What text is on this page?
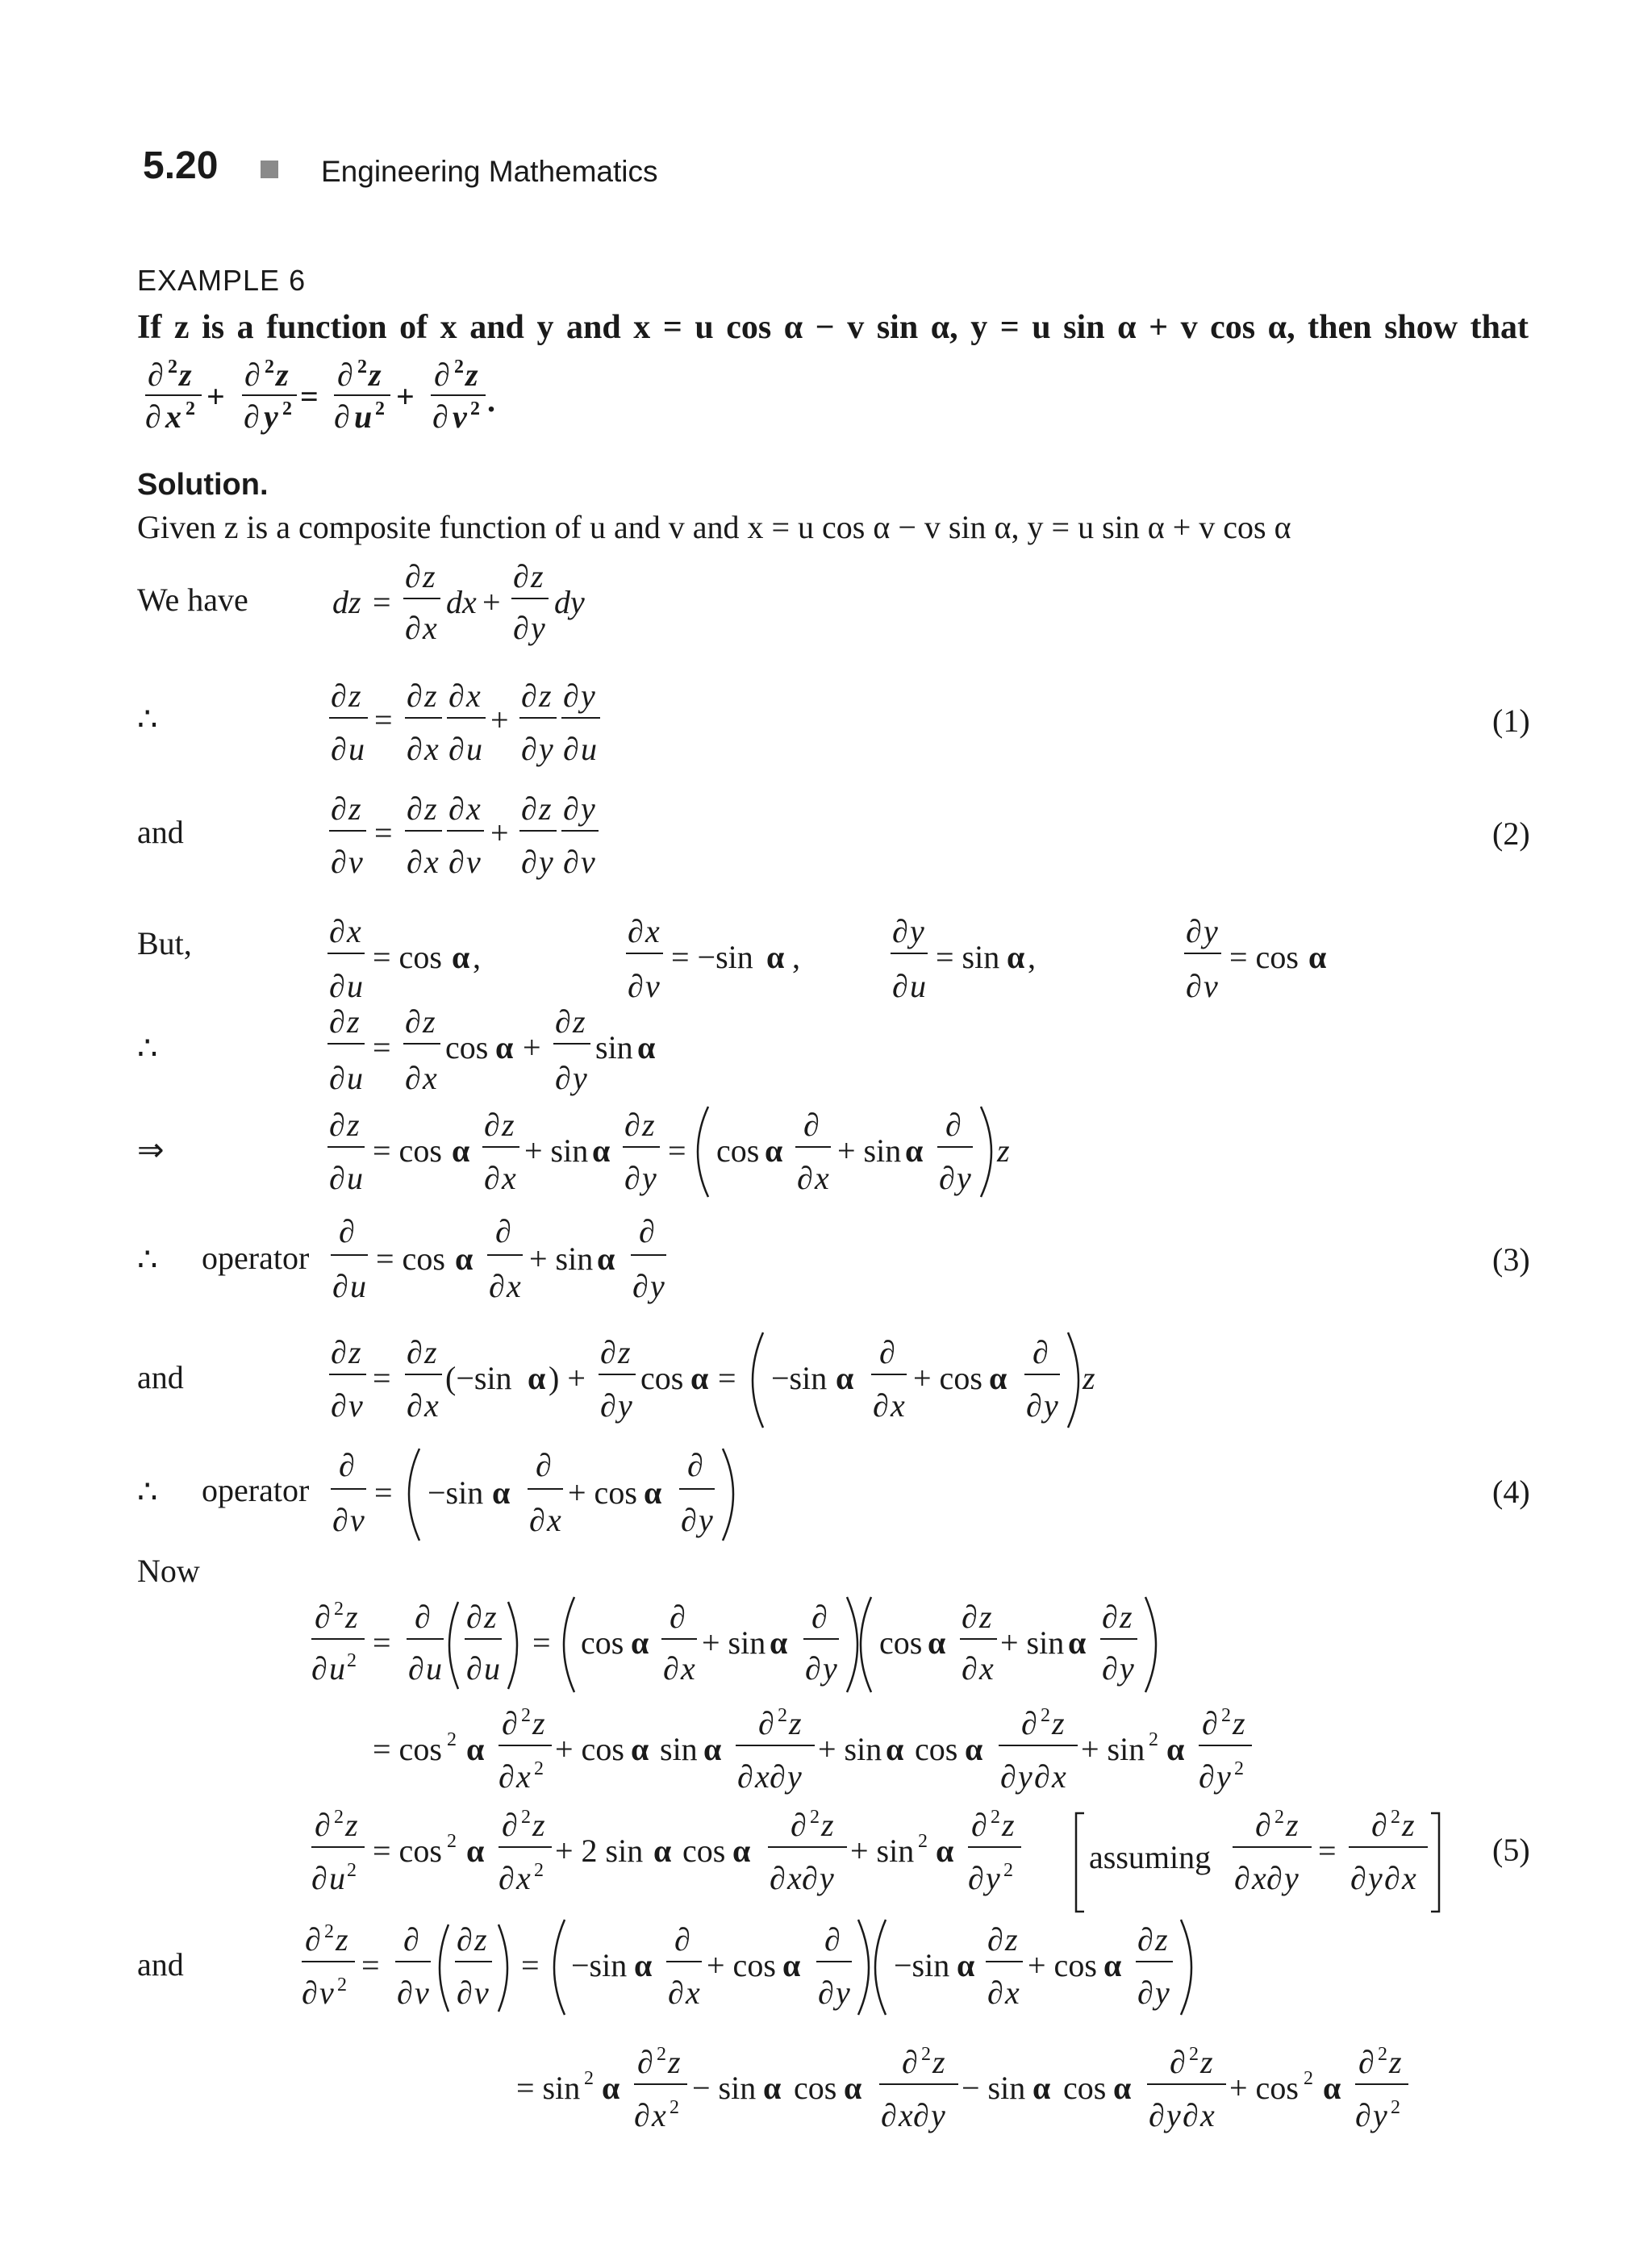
5.20	Engineering Mathematics
EXAMPLE 6
If z is a function of x and y and x = u cos α − v sin α, y = u sin α + v cos α, then show that
∂ 2 z
∂ x 2 +
∂ 2 z
∂ y 2 =
∂ 2 z
∂ u 2 +
∂ 2 z
∂ v 2 .
dz =
∂ z
∂ x
dx +
∂ z
∂ y
dy
∂ z
∂ u
=
∂ z
∂ x
∂ x
∂ u
+
∂ z
∂ y
∂ y
∂ u
∂ z
∂ v
=
∂ z
∂ x
∂ x
∂ v
+
∂ z
∂ y
∂ y
∂ v
∂ x
∂ u
= cos α ,
∂ x
∂ v
= −sin α ,
∂ y
∂ u
= sin α ,
∂ y
∂ v
= cos α
∂ z
∂ u
=
∂ z
∂ x
cos α +
∂ z
∂ y
sin α
∂ z
∂ u
= cos α
∂ z
∂ x
+ sin α
∂ z
∂ y
= cos α
∂
∂ x
+ sin α
∂
∂ y
z
∂
∂ u
= cos α
∂
∂ x
+ sin α
∂
∂ y
∂ z
∂ v
=
∂ z
∂ x
(−sin α ) +
∂ z
∂ y
cos α = −sin α
∂
∂ x
+ cos α
∂
∂ y
z
∂
∂ v
= −sin α
∂
∂ x
+ cos α
∂
∂ y
∂ 2 z
∂ u 2 =
∂
∂ u
∂ z
∂ u
= cos α
∂
∂ x
+ sin α
∂
∂ y
cos α
∂ z
∂ x
+ sin α
∂ z
∂ y
= cos 2 α
∂ 2 z
∂ x 2
+ cos α sin α
∂ 2 z
∂ x ∂ y
+ sin α cos α
∂ 2 z
∂ y ∂ x
+ sin 2 α
∂ 2 z
∂ y 2
∂ 2 z
∂ u 2
= cos 2 α
∂ 2 z
∂ x 2
+ 2 sin α cos α
∂ 2 z
∂ x ∂ y
+ sin 2 α
∂ 2 z
∂ y 2 assuming
∂ 2 z
∂ x ∂ y
=
∂ 2 z
∂ y ∂ x
∂ 2 z
∂ v 2
=
∂
∂ v
∂ z
∂ v
= −sin α
∂
∂ x
+ cos α
∂
∂ y
−sin α
∂ z
∂ x
+ cos α
∂ z
∂ y
= sin 2 α
∂ 2 z
∂ x 2
− sin α cos α
∂ 2 z
∂ x ∂ y
− sin α cos α
∂ 2 z
∂ y ∂ x
+ cos 2 α
∂ 2 z
∂ y 2
Solution.
Given z is a composite function of u and v and x = u cos α − v sin α, y = u sin α + v cos α
We have
∴
and
But,
∴
⇒
∴ operator
and
∴ operator
Now
and
(1)
(2)
(3)
(4)
(5)
